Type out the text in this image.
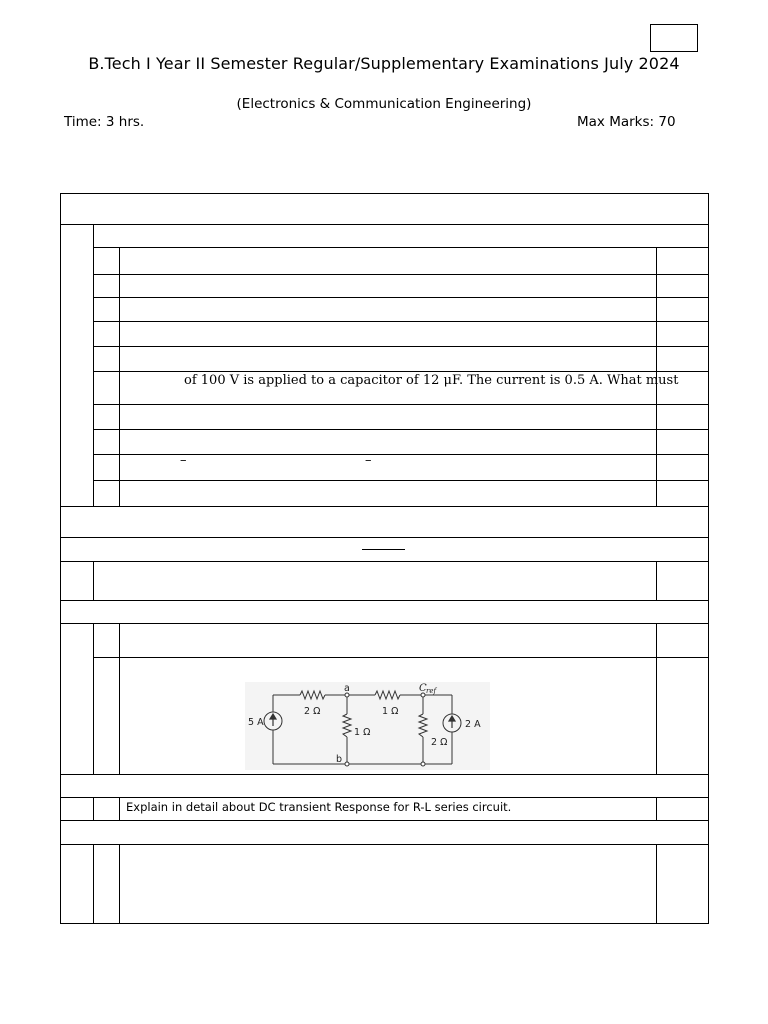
B.Tech I Year II Semester Regular/Supplementary Examinations July 2024
(Electronics & Communication Engineering)
Time: 3 hrs.	Max Marks: 70
of 100 V is applied to a capacitor of 12 μF. The current is 0.5 A. What must
–	–
Explain in detail about DC transient Response for R-L series circuit.
5 A
2 Ω	1 Ω
1 Ω
2 Ω
2 A
a
b
C ref
